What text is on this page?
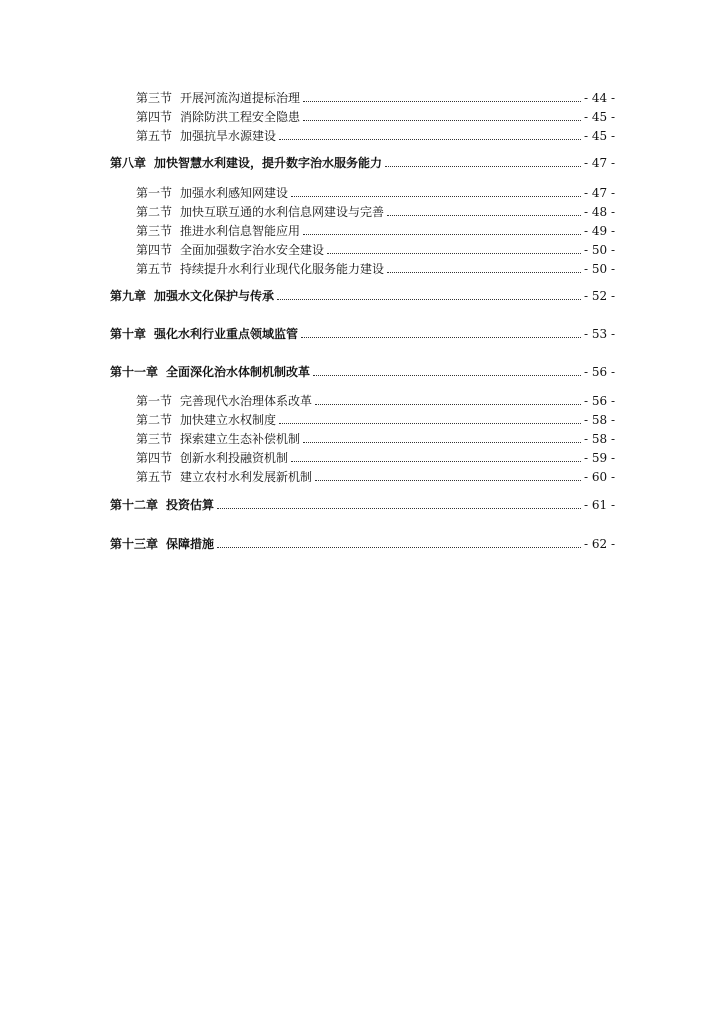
第三节 开展河流沟道提标治理	- 44 -
第四节 消除防洪工程安全隐患	- 45 -
第五节 加强抗旱水源建设	- 45 -
第八章 加快智慧水利建设，提升数字治水服务能力	- 47 -
第一节 加强水利感知网建设	- 47 -
第二节 加快互联互通的水利信息网建设与完善	- 48 -
第三节 推进水利信息智能应用	- 49 -
第四节 全面加强数字治水安全建设	- 50 -
第五节 持续提升水利行业现代化服务能力建设	- 50 -
第九章 加强水文化保护与传承	- 52 -
第十章 强化水利行业重点领域监管	- 53 -
第十一章 全面深化治水体制机制改革	- 56 -
第一节 完善现代水治理体系改革	- 56 -
第二节 加快建立水权制度	- 58 -
第三节 探索建立生态补偿机制	- 58 -
第四节 创新水利投融资机制	- 59 -
第五节 建立农村水利发展新机制	- 60 -
第十二章 投资估算	- 61 -
第十三章 保障措施	- 62 -
